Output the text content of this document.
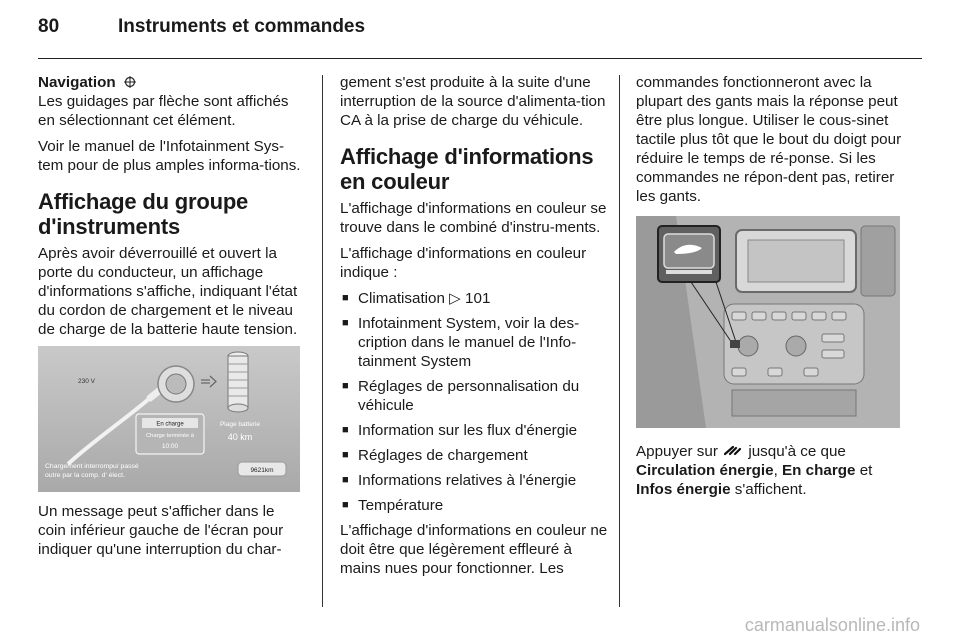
80	Instruments et commandes

Navigation

Les guidages par flèche sont affichés en sélectionnant cet élément.

Voir le manuel de l'Infotainment Sys-tem pour de plus amples informa-tions.

Affichage du groupe d'instruments

Après avoir déverrouillé et ouvert la porte du conducteur, un affichage d'informations s'affiche, indiquant l'état du cordon de chargement et le niveau de charge de la batterie haute tension.

230 V
En charge
Charge terminée à
10:00
Plage batterie
40 km
Chargement interrompu/ passé
outre par la comp. d' élect.
9621km

Un message peut s'afficher dans le coin inférieur gauche de l'écran pour indiquer qu'une interruption du char-

gement s'est produite à la suite d'une interruption de la source d'alimenta-tion CA à la prise de charge du véhicule.

Affichage d'informations en couleur

L'affichage d'informations en couleur se trouve dans le combiné d'instru-ments.

L'affichage d'informations en couleur indique :

■ Climatisation ▷ 101
■ Infotainment System, voir la des-cription dans le manuel de l'Info-tainment System
■ Réglages de personnalisation du véhicule
■ Information sur les flux d'énergie
■ Réglages de chargement
■ Informations relatives à l'énergie
■ Température

L'affichage d'informations en couleur ne doit être que légèrement effleuré à mains nues pour fonctionner. Les

commandes fonctionneront avec la plupart des gants mais la réponse peut être plus longue. Utiliser le cous-sinet tactile plus tôt que le bout du doigt pour réduire le temps de ré-ponse. Si les commandes ne répon-dent pas, retirer les gants.

Appuyer sur jusqu'à ce que
Circulation énergie, En charge et
Infos énergie s'affichent.

carmanualsonline.info
